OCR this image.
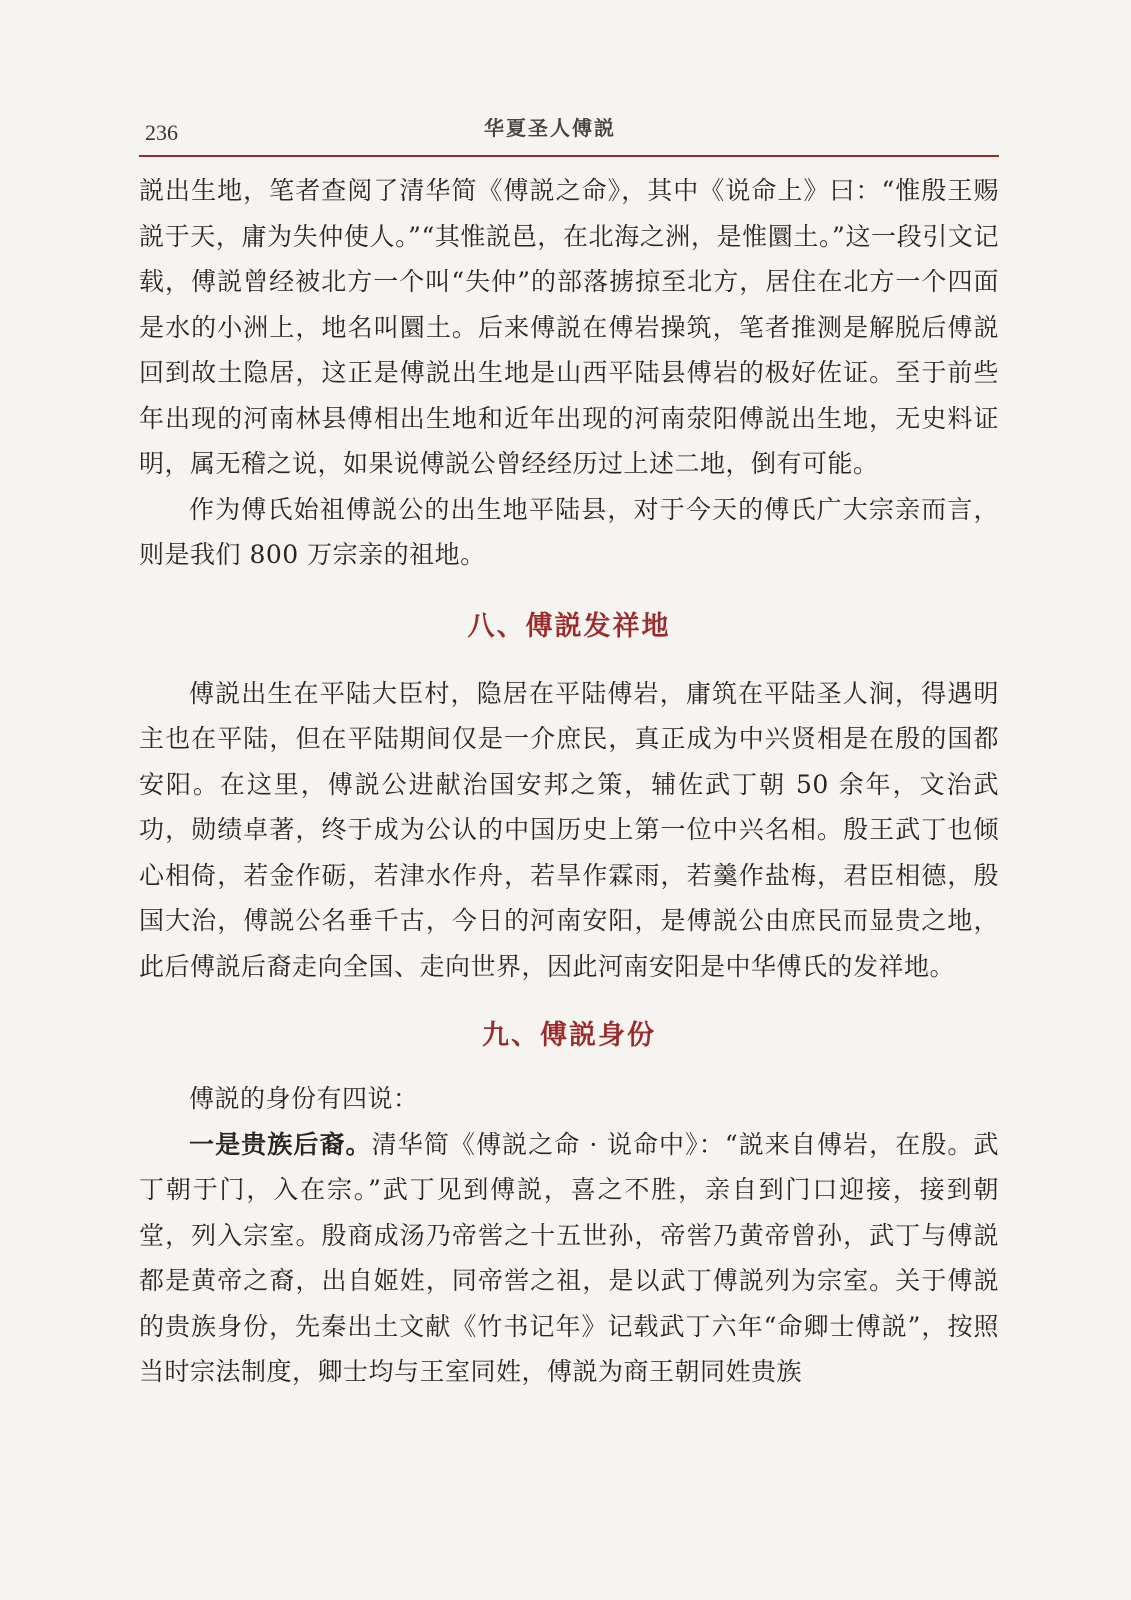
236	华夏圣人傅説

説出生地，笔者查阅了清华简《傅説之命》，其中《说命上》曰：“惟殷王赐説于天，庸为失仲使人。”“其惟説邑，在北海之洲，是惟圜土。”这一段引文记载，傅説曾经被北方一个叫“失仲”的部落掳掠至北方，居住在北方一个四面是水的小洲上，地名叫圜土。后来傅説在傅岩操筑，笔者推测是解脱后傅説回到故土隐居，这正是傅説出生地是山西平陆县傅岩的极好佐证。至于前些年出现的河南林县傅相出生地和近年出现的河南荥阳傅説出生地，无史料证明，属无稽之说，如果说傅説公曾经经历过上述二地，倒有可能。

作为傅氏始祖傅説公的出生地平陆县，对于今天的傅氏广大宗亲而言，则是我们 800 万宗亲的祖地。

八、傅説发祥地

傅説出生在平陆大臣村，隐居在平陆傅岩，庸筑在平陆圣人涧，得遇明主也在平陆，但在平陆期间仅是一介庶民，真正成为中兴贤相是在殷的国都安阳。在这里，傅説公进献治国安邦之策，辅佐武丁朝 50 余年，文治武功，勋绩卓著，终于成为公认的中国历史上第一位中兴名相。殷王武丁也倾心相倚，若金作砺，若津水作舟，若旱作霖雨，若羹作盐梅，君臣相德，殷国大治，傅説公名垂千古，今日的河南安阳，是傅説公由庶民而显贵之地，此后傅説后裔走向全国、走向世界，因此河南安阳是中华傅氏的发祥地。

九、傅説身份

傅説的身份有四说：

一是贵族后裔。清华简《傅説之命 · 说命中》：“説来自傅岩，在殷。武丁朝于门，入在宗。”武丁见到傅説，喜之不胜，亲自到门口迎接，接到朝堂，列入宗室。殷商成汤乃帝喾之十五世孙，帝喾乃黄帝曾孙，武丁与傅説都是黄帝之裔，出自姬姓，同帝喾之祖，是以武丁傅説列为宗室。关于傅説的贵族身份，先秦出土文献《竹书记年》记载武丁六年“命卿士傅説”，按照当时宗法制度，卿士均与王室同姓，傅説为商王朝同姓贵族
